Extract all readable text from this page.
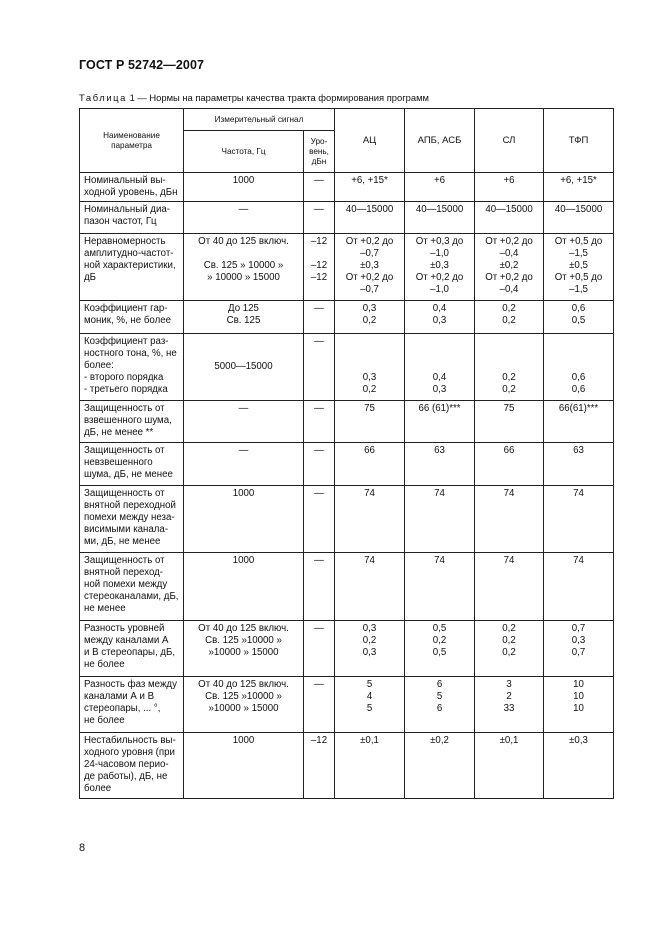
ГОСТ Р 52742—2007
Таблица 1 — Нормы на параметры качества тракта формирования программ
Наименование параметра	Измерительный сигнал		АЦ	АПБ, АСБ	СЛ	ТФП
	Частота, Гц	Уро-
вень,
дБн				
Номинальный вы-
ходной уровень, дБн	1000	—	+6, +15*	+6	+6	+6, +15*
Номинальный диа-
пазон частот, Гц	—	—	40—15000	40—15000	40—15000	40—15000
Неравномерность
амплитудно-частот-
ной характеристики,
дБ	От 40 до 125 включ.

Св. 125 » 10000 »
» 10000 » 15000	–12

–12
–12	От +0,2 до
–0,7
±0,3
От +0,2 до
–0,7	От +0,3 до
–1,0
±0,3
От +0,2 до
–1,0	От +0,2 до
–0,4
±0,2
От +0,2 до
–0,4	От +0,5 до
–1,5
±0,5
От +0,5 до
–1,5
Коэффициент гар-
моник, %, не более	До 125
Св. 125	—	0,3
0,2	0,4
0,3	0,2
0,2	0,6
0,5
Коэффициент раз-
ностного тона, %, не
более:
- второго порядка
- третьего порядка	5000—15000	—	

0,3
0,2	

0,4
0,3	

0,2
0,2	

0,6
0,6
Защищенность от
взвешенного шума,
дБ, не менее **	—	—	75	66 (61)***	75	66(61)***
Защищенность от
невзвешенного
шума, дБ, не менее	—	—	66	63	66	63
Защищенность от
внятной переходной
помехи между неза-
висимыми каналa-
ми, дБ, не менее	1000	—	74	74	74	74
Защищенность от
внятной переход-
ной помехи между
стереоканалами, дБ,
не менее	1000	—	74	74	74	74
Разность уровней
между каналами А
и В стереопары, дБ,
не более	От 40 до 125 включ.
Св. 125 »10000 »
»10000 » 15000	—	0,3
0,2
0,3	0,5
0,2
0,5	0,2
0,2
0,2	0,7
0,3
0,7
Разность фаз между
каналами А и В
стереопары, ... °,
не более	От 40 до 125 включ.
Св. 125 »10000 »
»10000 » 15000	—	5
4
5	6
5
6	3
2
33	10
10
10
Нестабильность вы-
ходного уровня (при
24-часовом перио-
де работы), дБ, не
более	1000	–12	±0,1	±0,2	±0,1	±0,3
8
